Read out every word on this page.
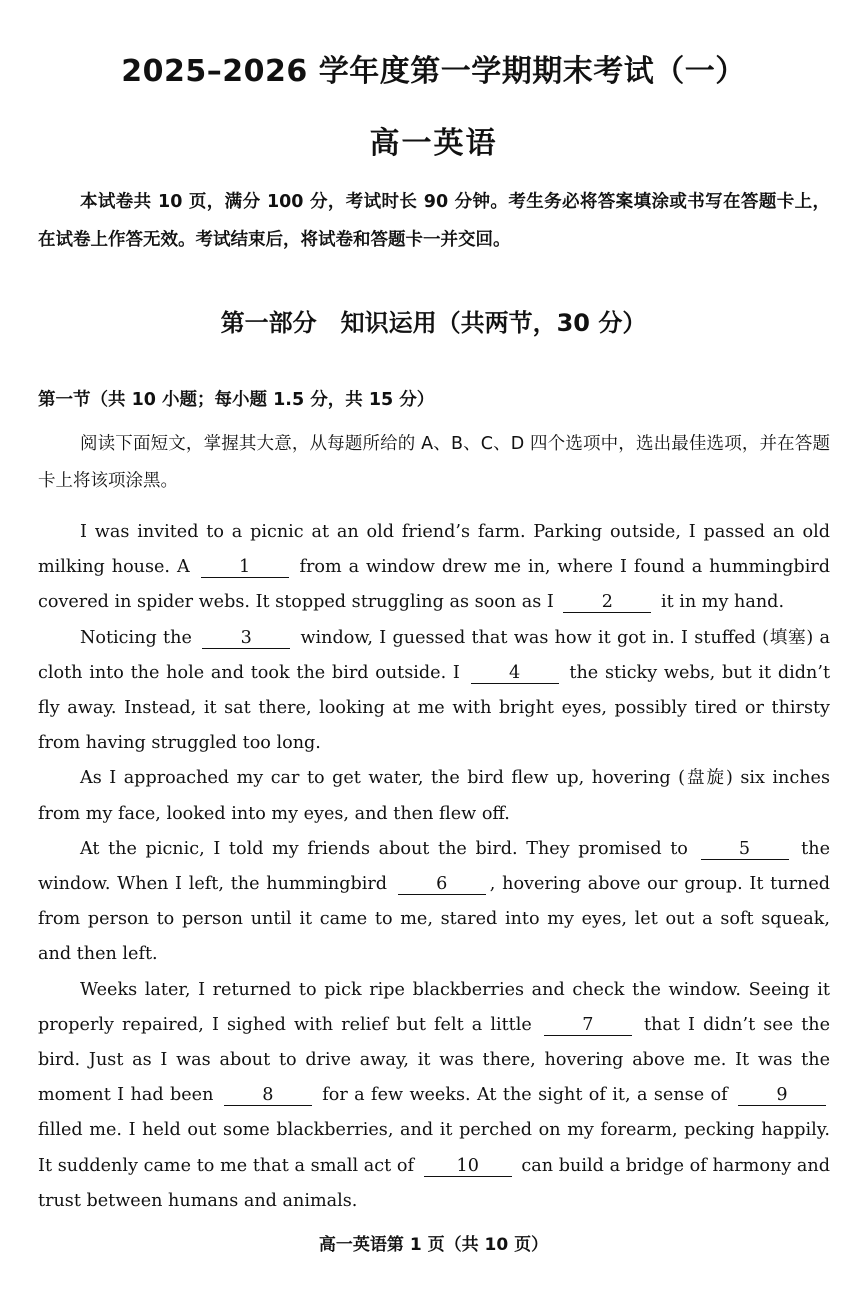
2025–2026 学年度第一学期期末考试（一）
高一英语
本试卷共 10 页，满分 100 分，考试时长 90 分钟。考生务必将答案填涂或书写在答题卡上，在试卷上作答无效。考试结束后，将试卷和答题卡一并交回。
第一部分　知识运用（共两节，30 分）
第一节（共 10 小题；每小题 1.5 分，共 15 分）
阅读下面短文，掌握其大意，从每题所给的 A、B、C、D 四个选项中，选出最佳选项，并在答题卡上将该项涂黑。

I was invited to a picnic at an old friend’s farm. Parking outside, I passed an old milking house. A	1	from a window drew me in, where I found a hummingbird covered in spider webs. It stopped struggling as soon as I	2	it in my hand.

Noticing the	3	window, I guessed that was how it got in. I stuffed (填塞) a cloth into the hole and took the bird outside. I	4	the sticky webs, but it didn’t fly away. Instead, it sat there, looking at me with bright eyes, possibly tired or thirsty from having struggled too long.

As I approached my car to get water, the bird flew up, hovering (盘旋) six inches from my face, looked into my eyes, and then flew off.

At the picnic, I told my friends about the bird. They promised to	5	the window. When I left, the hummingbird	6 , hovering above our group. It turned from person to person until it came to me, stared into my eyes, let out a soft squeak, and then left.

Weeks later, I returned to pick ripe blackberries and check the window. Seeing it properly repaired, I sighed with relief but felt a little	7	that I didn’t see the bird. Just as I was about to drive away, it was there, hovering above me. It was the moment I had been	8	for a few weeks. At the sight of it, a sense of	9 filled me. I held out some blackberries, and it perched on my forearm, pecking happily. It suddenly came to me that a small act of 10 can build a bridge of harmony and trust between humans and animals.

高一英语第 1 页（共 10 页）
